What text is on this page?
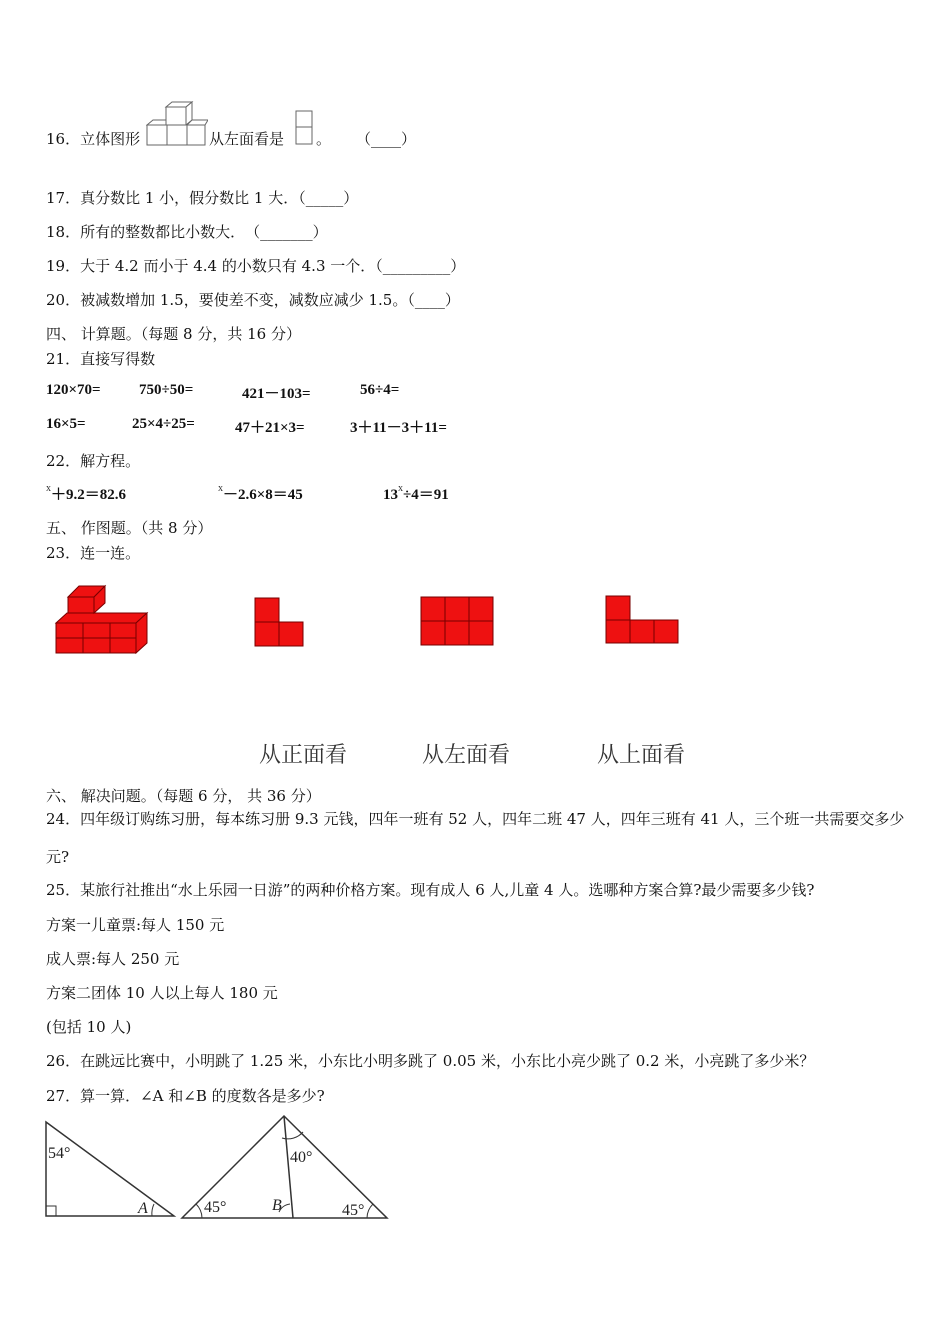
16．立体图形	从左面看是 。 （____）
17．真分数比 1 小，假分数比 1 大．（_____）
18．所有的整数都比小数大．　（_______）
19．大于 4.2 而小于 4.4 的小数只有 4.3 一个．（_________）
20．被减数增加 1.5，要使差不变，减数应减少 1.5。（____）
四、 计算题。（每题 8 分，共 16 分）
21．直接写得数
120×70=	750÷50=	421－103=	56÷4=
16×5=	25×4÷25=	47＋21×3=	3＋11－3＋11=
22．解方程。
$^x$＋9.2＝82.6	$^x$－2.6×8＝45	$13^x\div 4=91$
五、 作图题。（共 8 分）
23．连一连。
从正面看	从左面看	从上面看
六、 解决问题。（每题 6 分， 共 36 分）
24．四年级订购练习册，每本练习册 9.3 元钱，四年一班有 52 人，四年二班 47 人，四年三班有 41 人，三个班一共需要交多少元?
25．某旅行社推出“水上乐园一日游”的两种价格方案。现有成人 6 人,儿童 4 人。选哪种方案合算?最少需要多少钱?
方案一儿童票:每人 150 元
成人票:每人 250 元
方案二团体 10 人以上每人 180 元
(包括 10 人)
26．在跳远比赛中，小明跳了 1.25 米，小东比小明多跳了 0.05 米，小东比小亮少跳了 0.2 米，小亮跳了多少米？
27．算一算．∠A 和∠B 的度数各是多少?
54°
A
40°
45°	45°
B
